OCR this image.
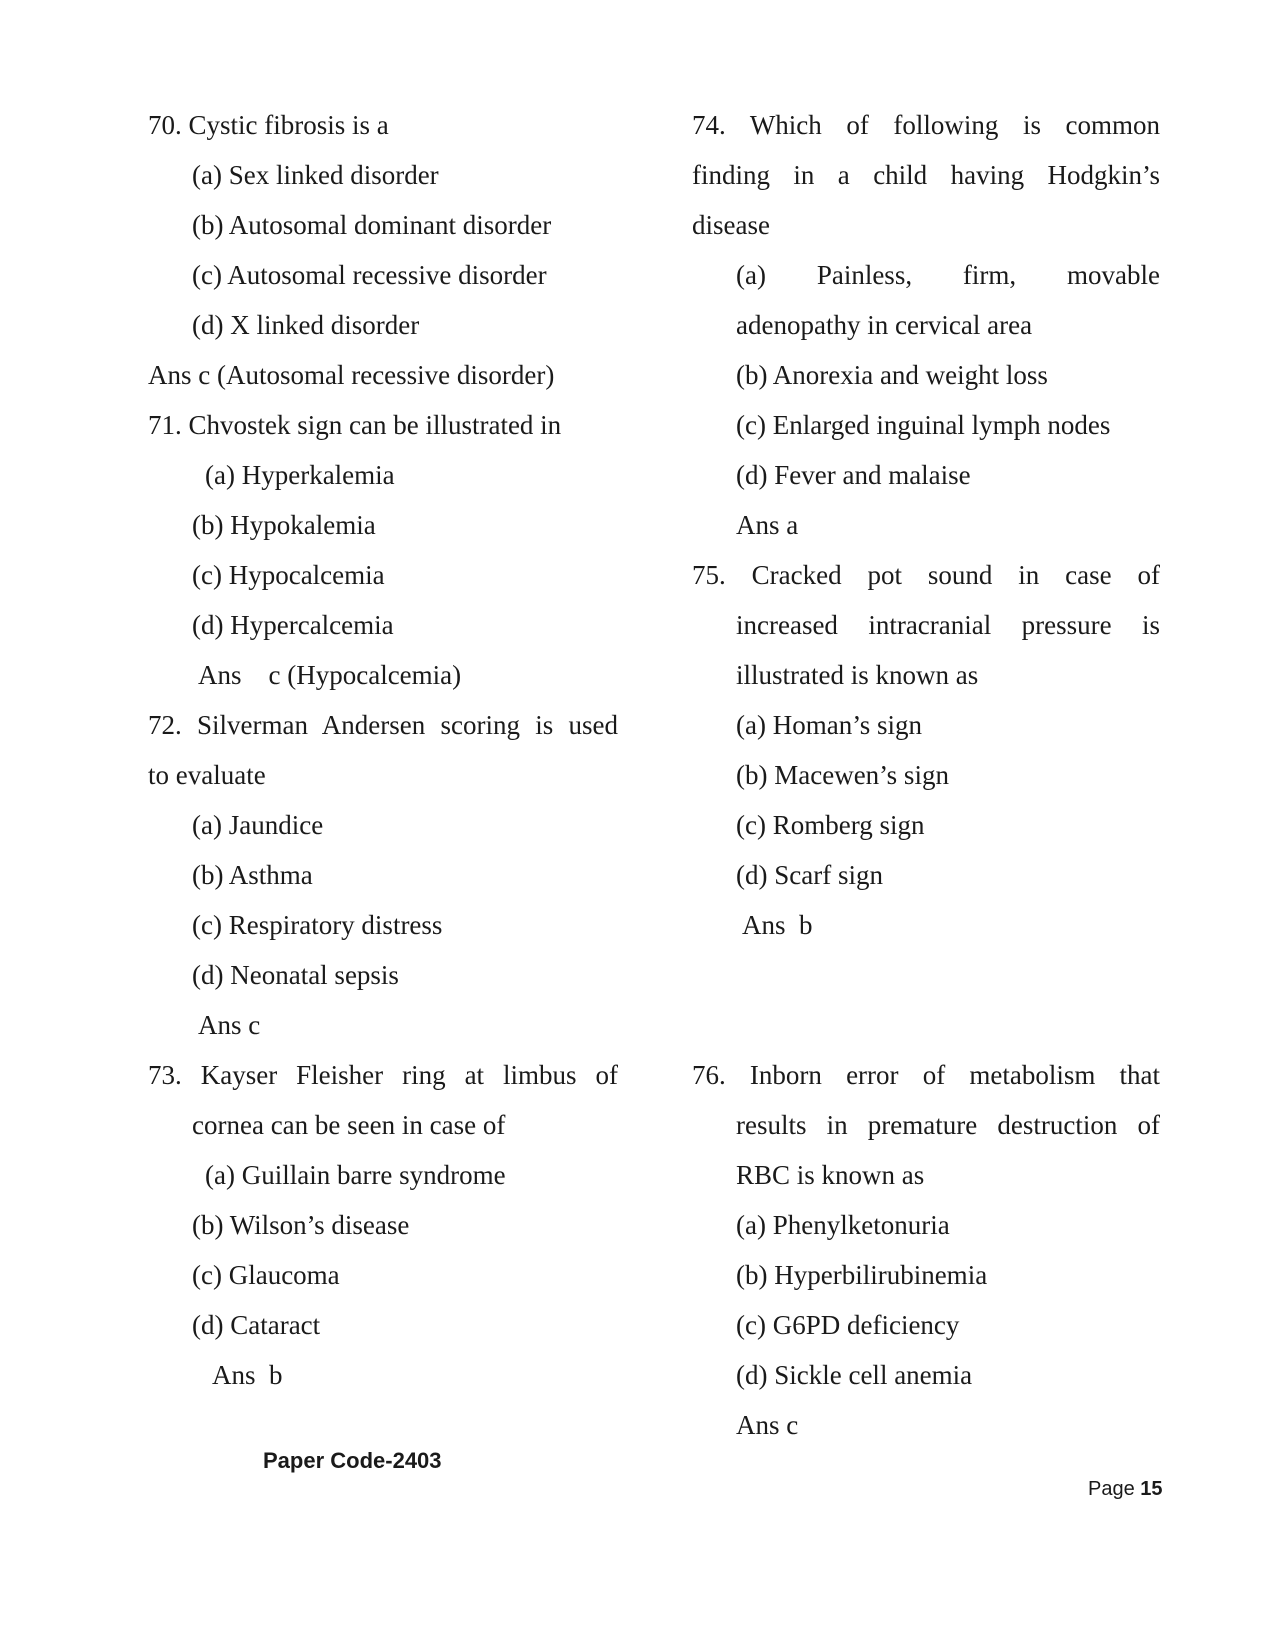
70. Cystic fibrosis is a
(a) Sex linked disorder
(b) Autosomal dominant disorder
(c) Autosomal recessive disorder
(d) X linked disorder
Ans c (Autosomal recessive disorder)
71. Chvostek sign can be illustrated in
(a) Hyperkalemia
(b) Hypokalemia
(c) Hypocalcemia
(d) Hypercalcemia
Ans    c (Hypocalcemia)
72. Silverman Andersen scoring is used
to evaluate
(a) Jaundice
(b) Asthma
(c) Respiratory distress
(d) Neonatal sepsis
Ans c
73. Kayser Fleisher ring at limbus of
cornea can be seen in case of
(a) Guillain barre syndrome
(b) Wilson’s disease
(c) Glaucoma
(d) Cataract
Ans  b
74. Which of following is common
finding in a child having Hodgkin’s
disease
(a) Painless, firm, movable
adenopathy in cervical area
(b) Anorexia and weight loss
(c) Enlarged inguinal lymph nodes
(d) Fever and malaise
Ans a
75. Cracked pot sound in case of
increased intracranial pressure is
illustrated is known as
(a) Homan’s sign
(b) Macewen’s sign
(c) Romberg sign
(d) Scarf sign
Ans  b
76. Inborn error of metabolism that
results in premature destruction of
RBC is known as
(a) Phenylketonuria
(b) Hyperbilirubinemia
(c) G6PD deficiency
(d) Sickle cell anemia
Ans c
Paper Code-2403
Page 15
